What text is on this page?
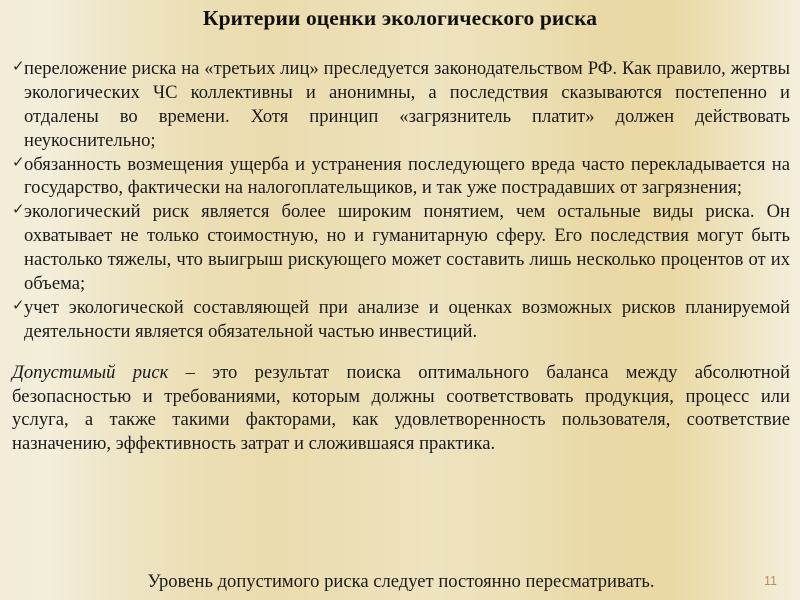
Критерии оценки экологического риска
✓ переложение риска на «третьих лиц» преследуется законодательством РФ. Как правило, жертвы экологических ЧС коллективны и анонимны, а последствия сказываются постепенно и отдалены во времени. Хотя принцип «загрязнитель платит» должен действовать неукоснительно;
✓ обязанность возмещения ущерба и устранения последующего вреда часто перекладывается на государство, фактически на налогоплательщиков, и так уже пострадавших от загрязнения;
✓ экологический риск является более широким понятием, чем остальные виды риска. Он охватывает не только стоимостную, но и гуманитарную сферу. Его последствия могут быть настолько тяжелы, что выигрыш рискующего может составить лишь несколько процентов от их объема;
✓ учет экологической составляющей при анализе и оценках возможных рисков планируемой деятельности является обязательной частью инвестиций.

Допустимый риск – это результат поиска оптимального баланса между абсолютной безопасностью и требованиями, которым должны соответствовать продукция, процесс или услуга, а также такими факторами, как удовлетворенность пользователя, соответствие назначению, эффективность затрат и сложившаяся практика.

Уровень допустимого риска следует постоянно пересматривать.	11
